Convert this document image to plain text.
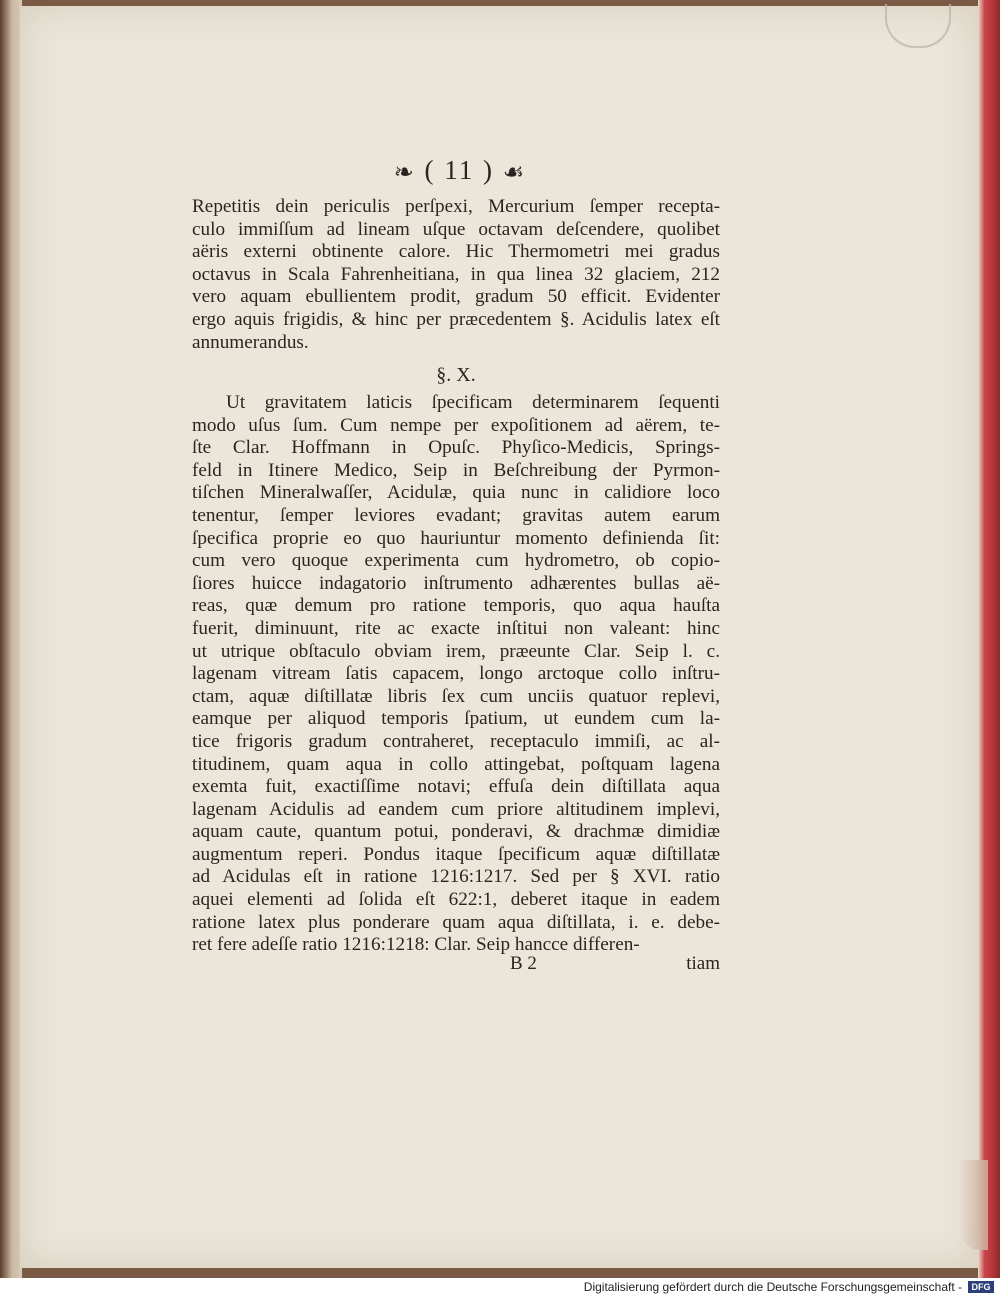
❧ ( 11 ) ☙
Repetitis dein periculis perſpexi, Mercurium ſemper recepta-
culo immiſſum ad lineam uſque octavam deſcendere, quolibet
aëris externi obtinente calore. Hic Thermometri mei gradus
octavus in Scala Fahrenheitiana, in qua linea 32 glaciem, 212
vero aquam ebullientem prodit, gradum 50 efficit. Evidenter
ergo aquis frigidis, & hinc per præcedentem §. Acidulis latex eſt
annumerandus.
§. X.
Ut gravitatem laticis ſpecificam determinarem ſequenti
modo uſus ſum. Cum nempe per expoſitionem ad aërem, te-
ſte Clar. Hoffmann in Opuſc. Phyſico-Medicis, Springs-
feld in Itinere Medico, Seip in Beſchreibung der Pyrmon-
tiſchen Mineralwaſſer, Acidulæ, quia nunc in calidiore loco
tenentur, ſemper leviores evadant; gravitas autem earum
ſpecifica proprie eo quo hauriuntur momento definienda ſit:
cum vero quoque experimenta cum hydrometro, ob copio-
ſiores huicce indagatorio inſtrumento adhærentes bullas aë-
reas, quæ demum pro ratione temporis, quo aqua hauſta
fuerit, diminuunt, rite ac exacte inſtitui non valeant: hinc
ut utrique obſtaculo obviam irem, præeunte Clar. Seip l. c.
lagenam vitream ſatis capacem, longo arctoque collo inſtru-
ctam, aquæ diſtillatæ libris ſex cum unciis quatuor replevi,
eamque per aliquod temporis ſpatium, ut eundem cum la-
tice frigoris gradum contraheret, receptaculo immiſi, ac al-
titudinem, quam aqua in collo attingebat, poſtquam lagena
exemta fuit, exactiſſime notavi; effuſa dein diſtillata aqua
lagenam Acidulis ad eandem cum priore altitudinem implevi,
aquam caute, quantum potui, ponderavi, & drachmæ dimidiæ
augmentum reperi. Pondus itaque ſpecificum aquæ diſtillatæ
ad Acidulas eſt in ratione 1216:1217. Sed per § XVI. ratio
aquei elementi ad ſolida eſt 622:1, deberet itaque in eadem
ratione latex plus ponderare quam aqua diſtillata, i. e. debe-
ret fere adeſſe ratio 1216:1218: Clar. Seip hancce differen-
B 2	tiam
Digitalisierung gefördert durch die Deutsche Forschungsgemeinschaft -	DFG
